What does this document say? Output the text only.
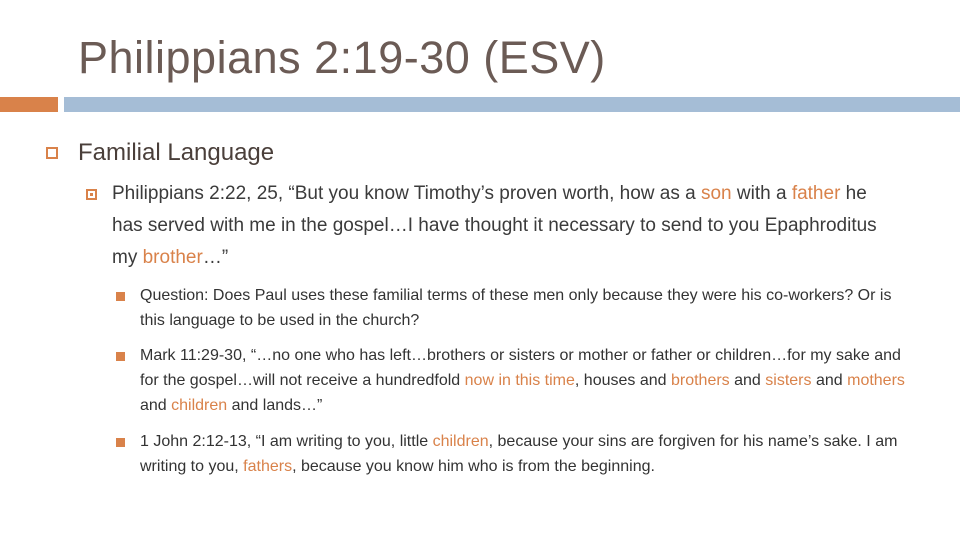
Philippians 2:19-30 (ESV)
Familial Language
Philippians 2:22, 25, “But you know Timothy’s proven worth, how as a son with a father he has served with me in the gospel…I have thought it necessary to send to you Epaphroditus my brother…”
Question: Does Paul uses these familial terms of these men only because they were his co-workers? Or is this language to be used in the church?
Mark 11:29-30, “…no one who has left…brothers or sisters or mother or father or children…for my sake and for the gospel…will not receive a hundredfold now in this time, houses and brothers and sisters and mothers and children and lands…”
1 John 2:12-13, “I am writing to you, little children, because your sins are forgiven for his name’s sake. I am writing to you, fathers, because you know him who is from the beginning.
